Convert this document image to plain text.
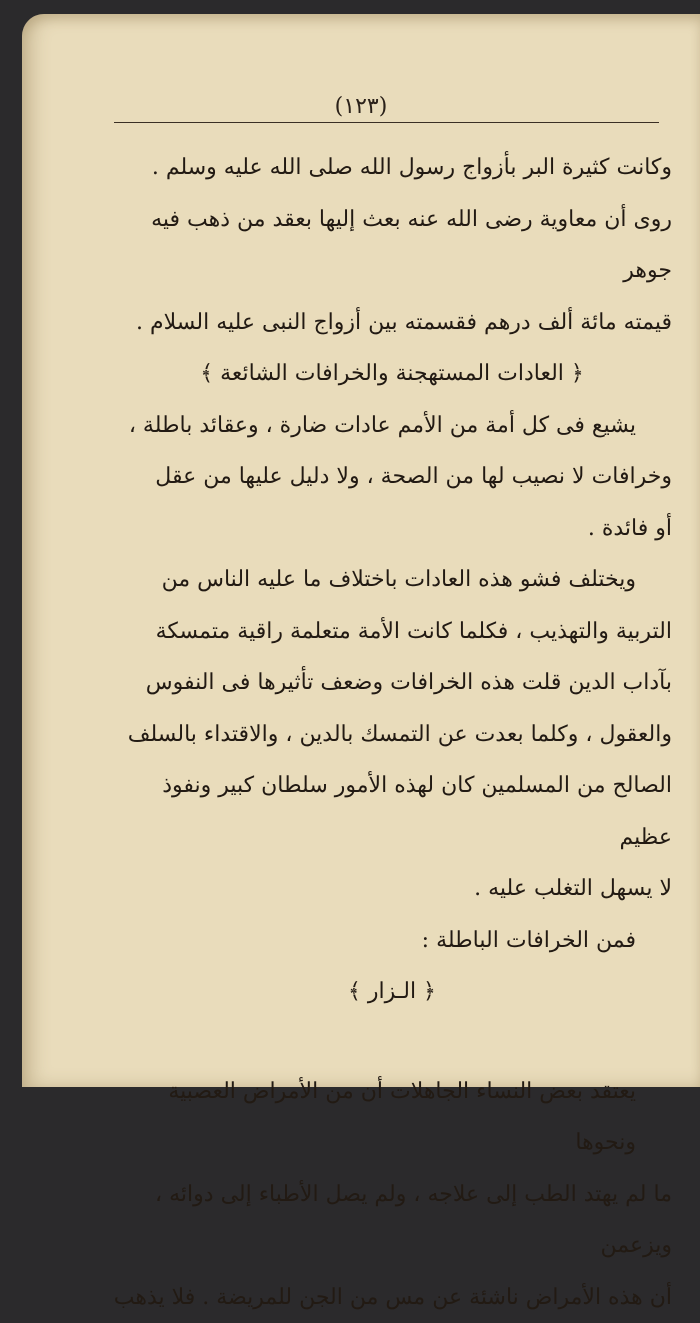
(١٢٣)

وكانت كثيرة البر بأزواج رسول الله صلى الله عليه وسلم .

روى أن معاوية رضى الله عنه بعث إليها بعقد من ذهب فيه جوهر

قيمته مائة ألف درهم فقسمته بين أزواج النبى عليه السلام .

﴿ العادات المستهجنة والخرافات الشائعة ﴾

يشيع فى كل أمة من الأمم عادات ضارة ، وعقائد باطلة ،

وخرافات لا نصيب لها من الصحة ، ولا دليل عليها من عقل

أو فائدة .

ويختلف فشو هذه العادات باختلاف ما عليه الناس من

التربية والتهذيب ، فكلما كانت الأمة متعلمة راقية متمسكة

بآداب الدين قلت هذه الخرافات وضعف تأثيرها فى النفوس

والعقول ، وكلما بعدت عن التمسك بالدين ، والاقتداء بالسلف

الصالح من المسلمين كان لهذه الأمور سلطان كبير ونفوذ عظيم

لا يسهل التغلب عليه .

فمن الخرافات الباطلة :

﴿ الـزار ﴾

يعتقد بعض النساء الجاهلات أن من الأمراض العصبية ونحوها

ما لم يهتد الطب إلى علاجه ، ولم يصل الأطباء إلى دوائه ، ويزعمن

أن هذه الأمراض ناشئة عن مس من الجن للمريضة . فلا يذهب
